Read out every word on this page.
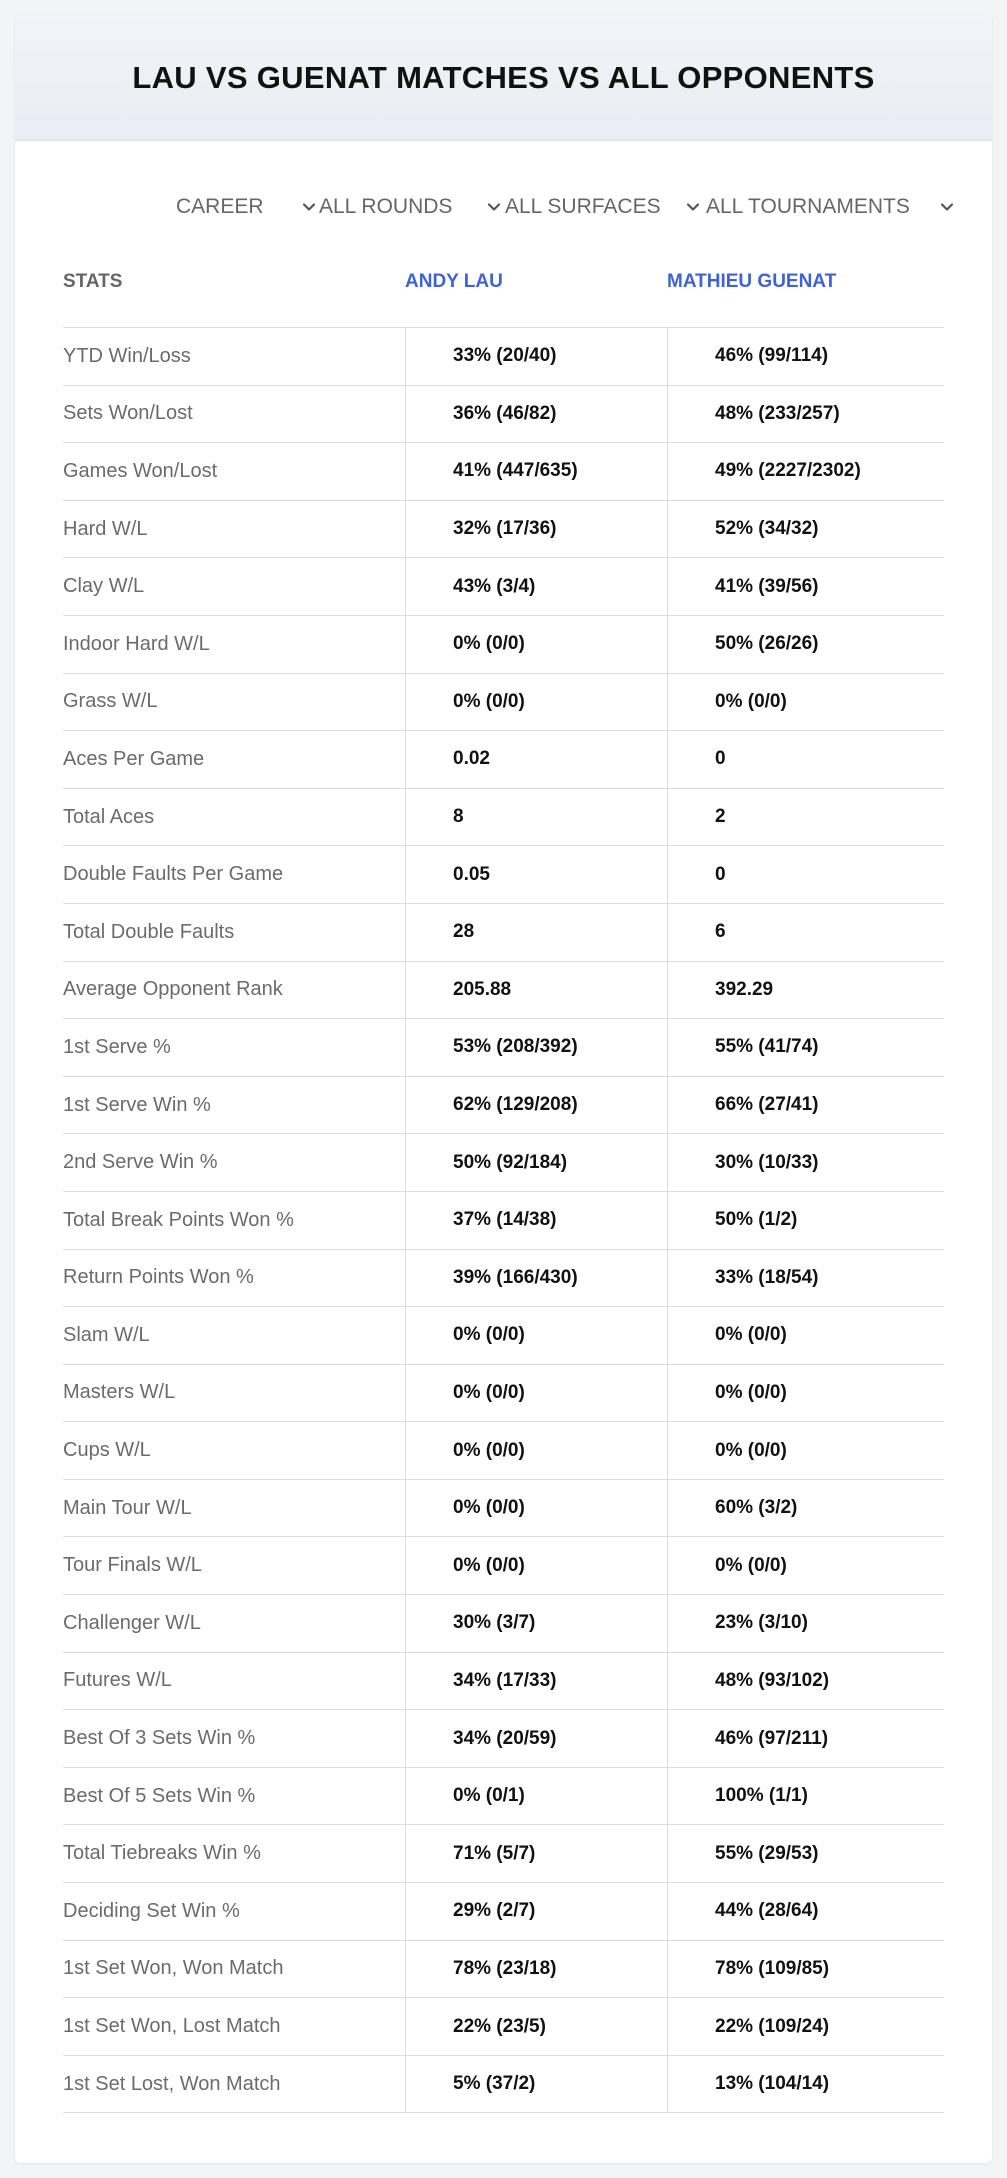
LAU VS GUENAT MATCHES VS ALL OPPONENTS
CAREER	ALL ROUNDS	ALL SURFACES ALL TOURNAMENTS
STATS	ANDY LAU	MATHIEU GUENAT
YTD Win/Loss	33% (20/40)	46% (99/114)
Sets Won/Lost	36% (46/82)	48% (233/257)
Games Won/Lost	41% (447/635)	49% (2227/2302)
Hard W/L	32% (17/36)	52% (34/32)
Clay W/L	43% (3/4)	41% (39/56)
Indoor Hard W/L	0% (0/0)	50% (26/26)
Grass W/L	0% (0/0)	0% (0/0)
Aces Per Game	0.02	0
Total Aces	8	2
Double Faults Per Game	0.05	0
Total Double Faults	28	6
Average Opponent Rank	205.88	392.29
1st Serve %	53% (208/392)	55% (41/74)
1st Serve Win %	62% (129/208)	66% (27/41)
2nd Serve Win %	50% (92/184)	30% (10/33)
Total Break Points Won %	37% (14/38)	50% (1/2)
Return Points Won %	39% (166/430)	33% (18/54)
Slam W/L	0% (0/0)	0% (0/0)
Masters W/L	0% (0/0)	0% (0/0)
Cups W/L	0% (0/0)	0% (0/0)
Main Tour W/L	0% (0/0)	60% (3/2)
Tour Finals W/L	0% (0/0)	0% (0/0)
Challenger W/L	30% (3/7)	23% (3/10)
Futures W/L	34% (17/33)	48% (93/102)
Best Of 3 Sets Win %	34% (20/59)	46% (97/211)
Best Of 5 Sets Win %	0% (0/1)	100% (1/1)
Total Tiebreaks Win %	71% (5/7)	55% (29/53)
Deciding Set Win %	29% (2/7)	44% (28/64)
1st Set Won, Won Match	78% (23/18)	78% (109/85)
1st Set Won, Lost Match	22% (23/5)	22% (109/24)
1st Set Lost, Won Match	5% (37/2)	13% (104/14)
